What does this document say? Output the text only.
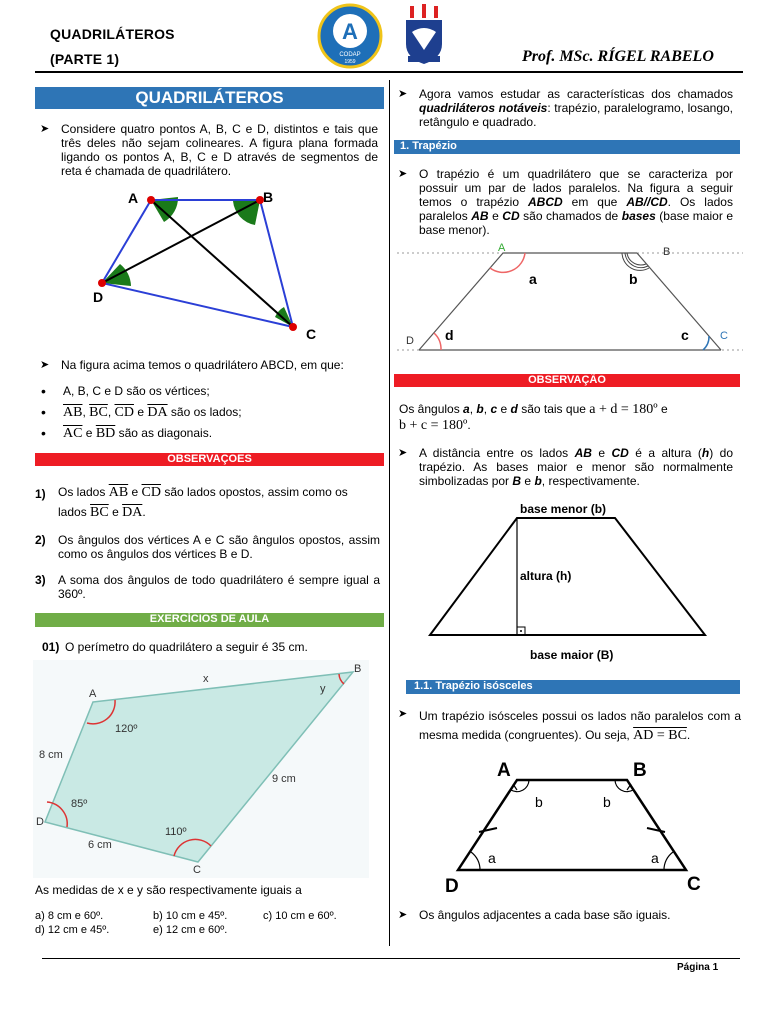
QUADRILÁTEROS
(PARTE 1)
A
CODAP
1959	Prof. MSc. RÍGEL RABELO
QUADRILÁTEROS
➤ Considere quatro pontos A, B, C e D, distintos e tais que três deles não sejam colineares. A figura plana formada ligando os pontos A, B, C e D através de segmentos de reta é chamada de quadrilátero.
A	B
C
D
➤ Na figura acima temos o quadrilátero ABCD, em que:
• A, B, C e D são os vértices;
• $\overline{AB}$, $\overline{BC}$, $\overline{CD}$ e $\overline{DA}$ são os lados;
• $\overline{AC}$ e $\overline{BD}$ são as diagonais.
OBSERVAÇOES
1) Os lados $\overline{AB}$ e $\overline{CD}$ são lados opostos, assim como os
lados $\overline{BC}$ e $\overline{DA}$.
2) Os ângulos dos vértices A e C são ângulos opostos, assim como os ângulos dos vértices B e D.
3) A soma dos ângulos de todo quadrilátero é sempre igual a 360º.
EXERCÍCIOS DE AULA
01) O perímetro do quadrilátero a seguir é 35 cm.
A
B
C
D
x
y
120º
85º
110º
8 cm
9 cm
6 cm
As medidas de x e y são respectivamente iguais a
a) 8 cm e 60º.	b) 10 cm e 45º.	c) 10 cm e 60º.
d) 12 cm e 45º.	e) 12 cm e 60º.
➤ Agora vamos estudar as características dos chamados quadriláteros notáveis: trapézio, paralelogramo, losango, retângulo e quadrado.
1. Trapézio
➤ O trapézio é um quadrilátero que se caracteriza por possuir um par de lados paralelos. Na figura a seguir temos o trapézio ABCD em que AB//CD. Os lados paralelos AB e CD são chamados de bases (base maior e base menor).
A	B
C
D
a	b
c
d
OBSERVAÇÃO
Os ângulos a, b, c e d são tais que a + d = 180º e
b + c = 180º.
➤ A distância entre os lados AB e CD é a altura (h) do trapézio. As bases maior e menor são normalmente simbolizadas por B e b, respectivamente.
base menor (b)
altura (h)
base maior (B)
1.1. Trapézio isósceles
➤ Um trapézio isósceles possui os lados não paralelos com a mesma medida (congruentes). Ou seja, AD = BC.
A	B
C
D
b	b
a	a
➤ Os ângulos adjacentes a cada base são iguais.
Página 1
